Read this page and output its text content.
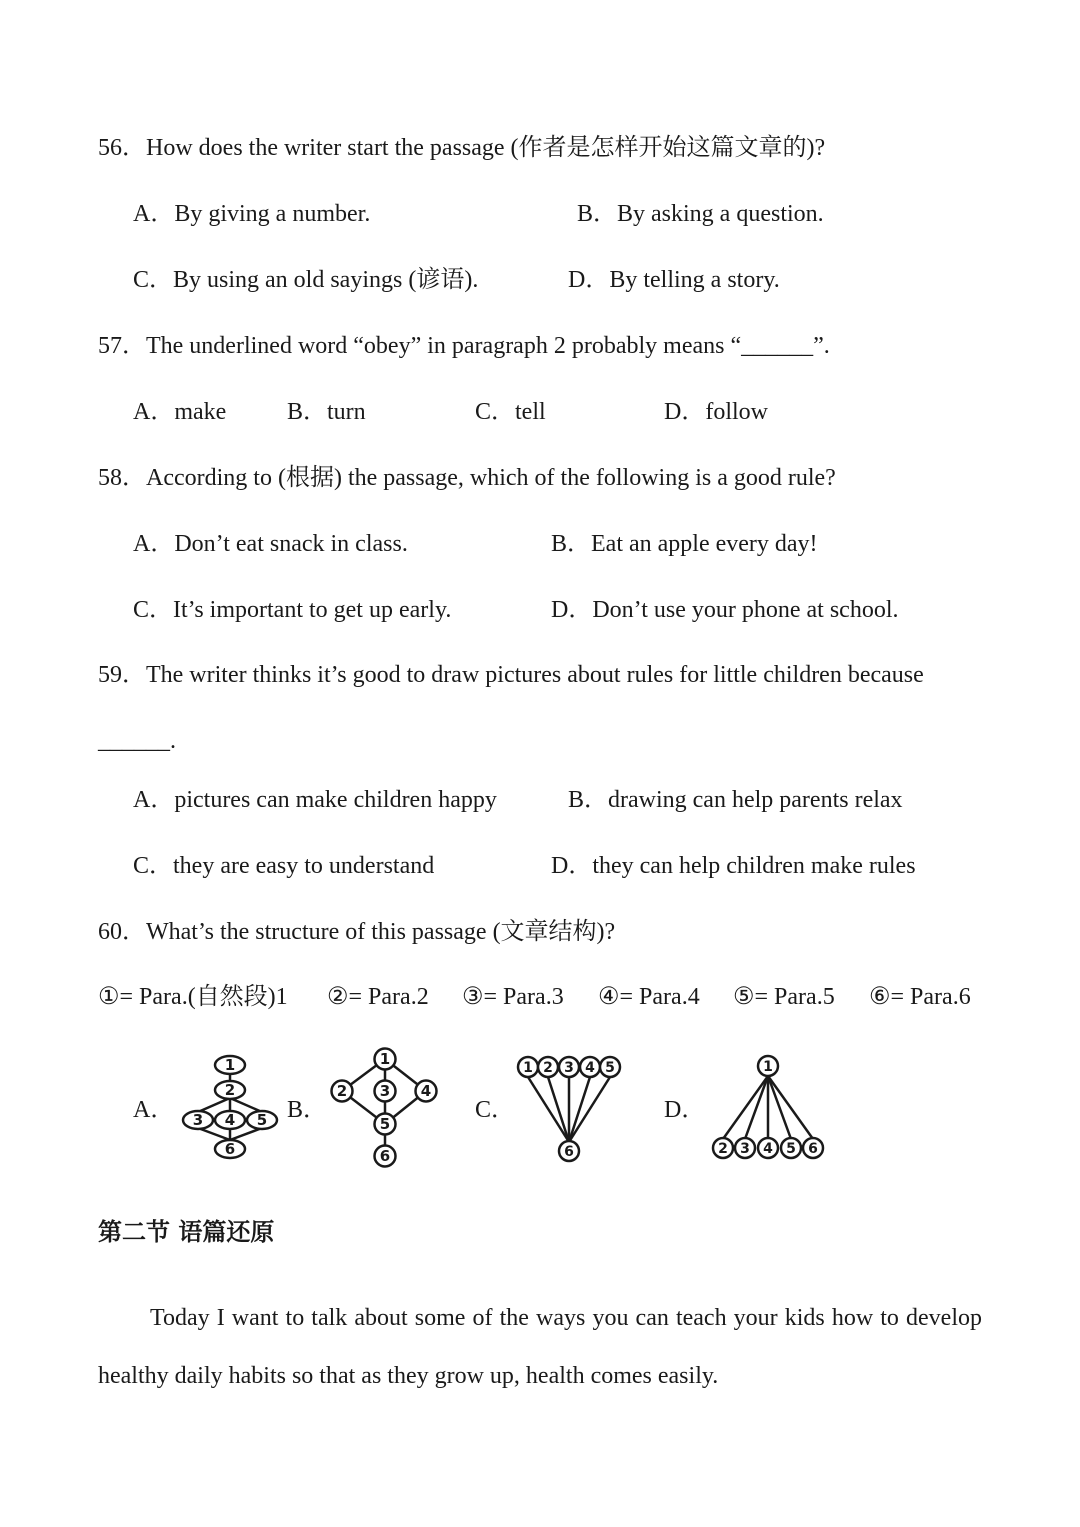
56．How does the writer start the passage (作者是怎样开始这篇文章的)?
A．By giving a number.	B．By asking a question.
C．By using an old sayings (谚语).	D．By telling a story.
57．The underlined word “obey” in paragraph 2 probably means “______”.
A．make	B．turn	C．tell	D．follow
58．According to (根据) the passage, which of the following is a good rule?
A．Don’t eat snack in class.	B．Eat an apple every day!
C．It’s important to get up early.	D．Don’t use your phone at school.
59．The writer thinks it’s good to draw pictures about rules for little children because
______.
A．pictures can make children happy	B．drawing can help parents relax
C．they are easy to understand	D．they can help children make rules
60．What’s the structure of this passage (文章结构)?
①= Para.(自然段)1 ②= Para.2 ③= Para.3 ④= Para.4 ⑤= Para.5 ⑥= Para.6
A．	B．	C．	D．
1
2
3 4 5
6
1
2 3 4
5
6
1 2 3 4 5
6
1
2 3 4 5 6
第二节 语篇还原

Today I want to talk about some of the ways you can teach your kids how to develop healthy daily habits so that as they grow up, health comes easily.
